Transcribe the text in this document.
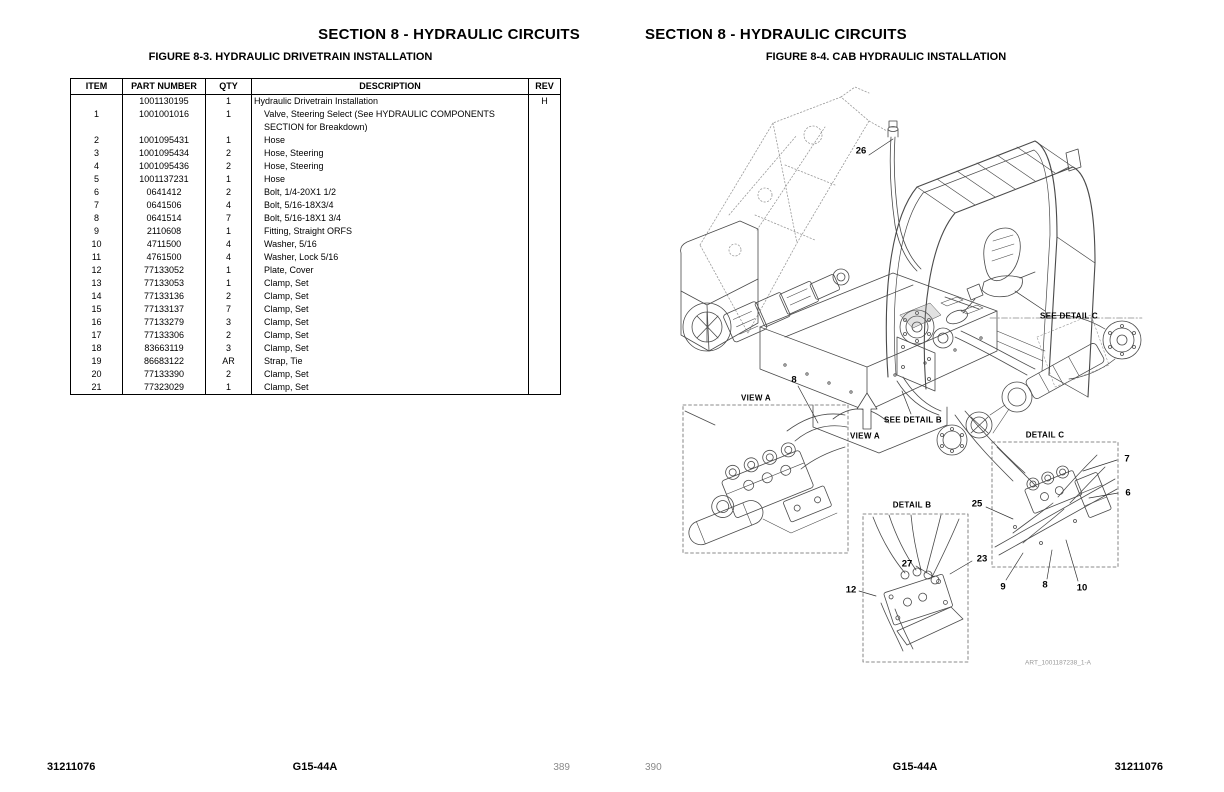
SECTION 8 - HYDRAULIC CIRCUITS
FIGURE 8-3. HYDRAULIC DRIVETRAIN INSTALLATION
ITEM	PART NUMBER	QTY	DESCRIPTION	REV
	1001130195	1	Hydraulic Drivetrain Installation	H
1	1001001016	1	Valve, Steering Select (See HYDRAULIC COMPONENTS SECTION for Breakdown)	
2	1001095431	1	Hose	
3	1001095434	2	Hose, Steering	
4	1001095436	2	Hose, Steering	
5	1001137231	1	Hose	
6	0641412	2	Bolt, 1/4-20X1 1/2	
7	0641506	4	Bolt, 5/16-18X3/4	
8	0641514	7	Bolt, 5/16-18X1 3/4	
9	2110608	1	Fitting, Straight ORFS	
10	4711500	4	Washer, 5/16	
11	4761500	4	Washer, Lock 5/16	
12	77133052	1	Plate, Cover	
13	77133053	1	Clamp, Set	
14	77133136	2	Clamp, Set	
15	77133137	7	Clamp, Set	
16	77133279	3	Clamp, Set	
17	77133306	2	Clamp, Set	
18	83663119	3	Clamp, Set	
19	86683122	AR	Strap, Tie	
20	77133390	2	Clamp, Set	
21	77323029	1	Clamp, Set	
31211076	G15-44A	389
SECTION 8 - HYDRAULIC CIRCUITS
FIGURE 8-4. CAB HYDRAULIC INSTALLATION
26
SEE DETAIL C
8
VIEW A
SEE DETAIL B
VIEW A	DETAIL C
DETAIL B	25
7
6
27	23
12	9	8	10
ART_1001187238_1-A
390	G15-44A	31211076
